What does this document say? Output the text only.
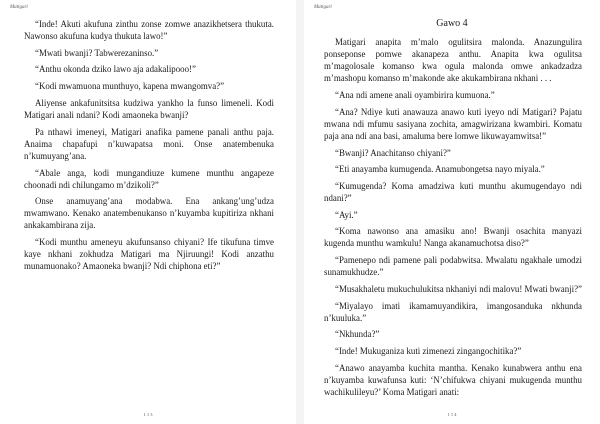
Matigari

“Inde! Akuti akufuna zinthu zonse zomwe anazikhetsera thukuta. Nawonso akufuna kudya thukuta lawo!”

“Mwati bwanji? Tabwerezaninso.”

“Anthu okonda dziko lawo aja adakalipooo!”

“Kodi mwamuona munthuyo, kapena mwangomva?”

Aliyense ankafunitsitsa kudziwa yankho la funso limeneli. Kodi Matigari anali ndani? Kodi amaoneka bwanji?

Pa nthawi imeneyi, Matigari anafika pamene panali anthu paja. Anaima chapafupi n’kuwapatsa moni. Onse anatembenuka n’kumuyang’ana.

“Abale anga, kodi mungandiuze kumene munthu angapeze choonadi ndi chilungamo m’dzikoli?”

Onse anamuyang’ana modabwa. Ena ankang’ung’udza mwamwano. Kenako anatembenukanso n’kuyamba kupitiriza nkhani ankakambirana zija.

“Kodi munthu ameneyu akufunsanso chiyani? Ife tikufuna timve kaye nkhani zokhudza Matigari ma Njiruungi! Kodi anzathu munamuonako? Amaoneka bwanji? Ndi chiphona eti?”

1 1 3
Matigari
Gawo 4

Matigari anapita m’malo ogulitsira malonda. Anazungulira ponseponse pomwe akanapeza anthu. Anapita kwa ogulitsa m’magolosale komanso kwa ogula malonda omwe ankadzadza m’mashopu komanso m’makonde ake akukambirana nkhani . . .

“Ana ndi amene anali oyambirira kumuona.”

“Ana? Ndiye kuti anawauza anawo kuti iyeyo ndi Matigari? Pajatu mwana ndi mfumu sasiyana zochita, amagwirizana kwambiri. Komatu paja ana ndi ana basi, amaluma bere lomwe likuwayamwitsa!”

“Bwanji? Anachitanso chiyani?”

“Eti anayamba kumugenda. Anamubongetsa nayo miyala.”

“Kumugenda? Koma amadziwa kuti munthu akumugendayo ndi ndani?”

“Ayi.”

“Koma nawonso ana amasiku ano! Bwanji osachita manyazi kugenda munthu wamkulu! Nanga akanamuchotsa diso?”

“Pamenepo ndi pamene pali podabwitsa. Mwalatu ngakhale umodzi sunamukhudze.”

“Musakhaletu mukuchulukitsa nkhaniyi ndi malovu! Mwati bwanji?”

“Miyalayo imati ikamamuyandikira, imangosanduka nkhunda n’kuuluka.”

“Nkhunda?”

“Inde! Mukuganiza kuti zimenezi zingangochitika?”

“Anawo anayamba kuchita mantha. Kenako kunabwera anthu ena n’kuyamba kuwafunsa kuti: ‘N’chifukwa chiyani mukugenda munthu wachikulileyu?’ Koma Matigari anati:

1 1 4
